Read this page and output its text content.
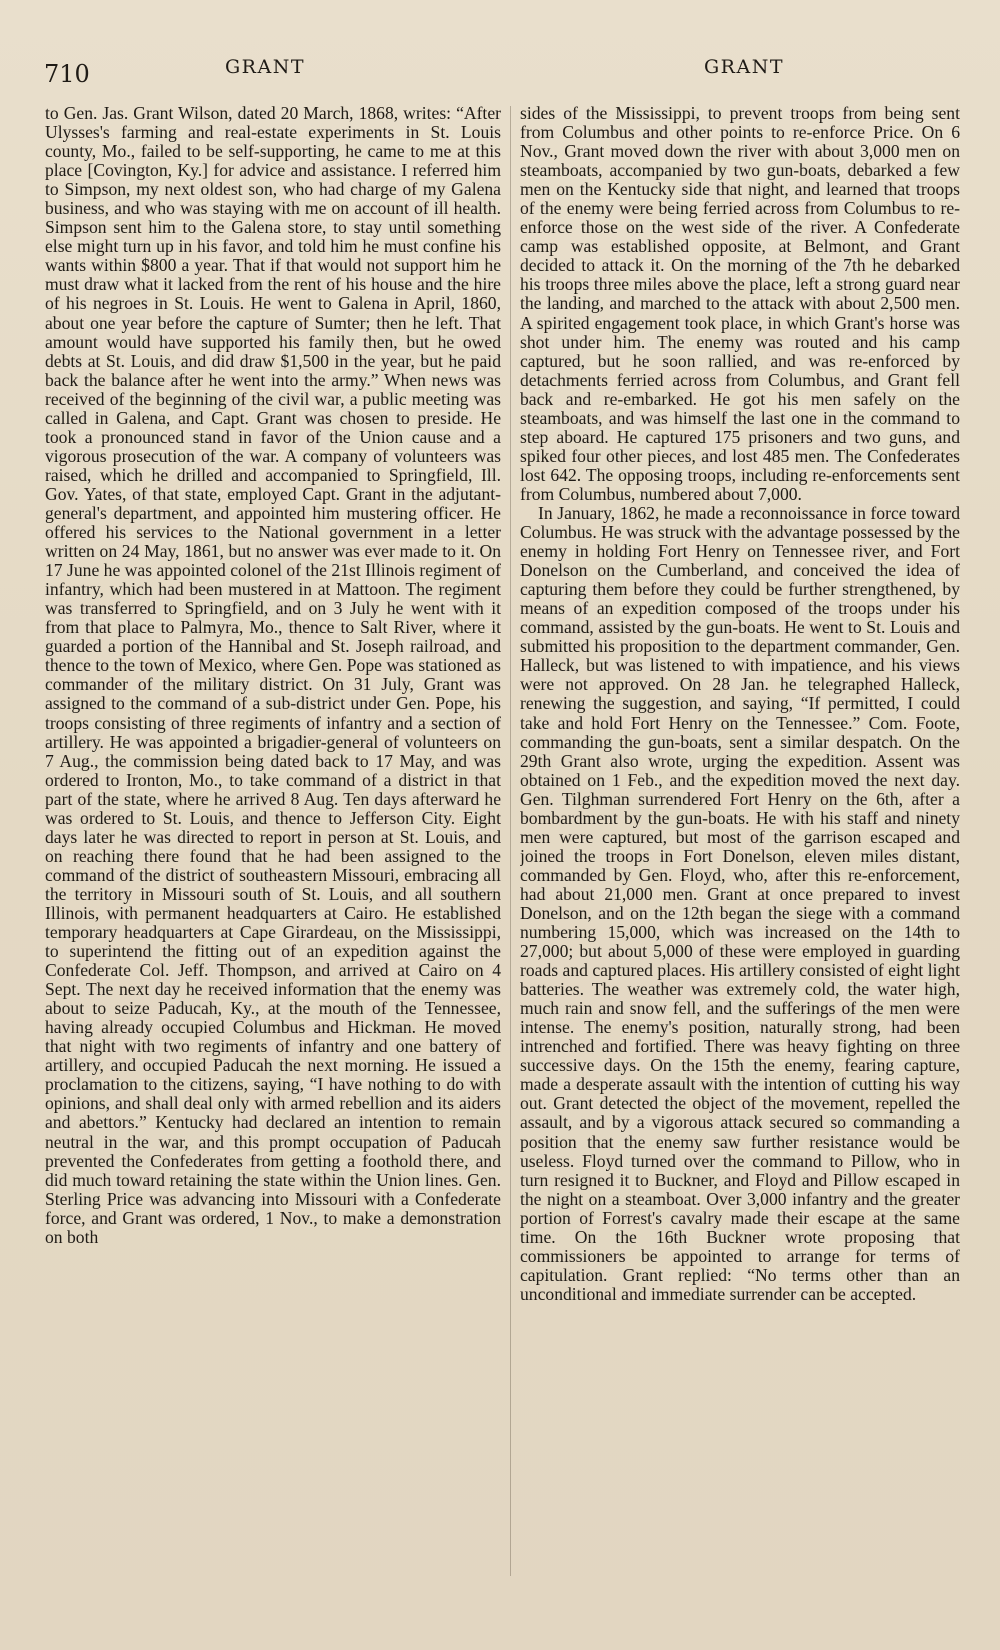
710	GRANT	GRANT

to Gen. Jas. Grant Wilson, dated 20 March, 1868, writes: “After Ulysses's farming and real-estate experiments in St. Louis county, Mo., failed to be self-supporting, he came to me at this place [Covington, Ky.] for advice and assistance. I referred him to Simpson, my next oldest son, who had charge of my Galena business, and who was staying with me on account of ill health. Simpson sent him to the Galena store, to stay until something else might turn up in his favor, and told him he must confine his wants within $800 a year. That if that would not support him he must draw what it lacked from the rent of his house and the hire of his negroes in St. Louis. He went to Galena in April, 1860, about one year before the capture of Sumter; then he left. That amount would have supported his family then, but he owed debts at St. Louis, and did draw $1,500 in the year, but he paid back the balance after he went into the army.” When news was received of the beginning of the civil war, a public meeting was called in Galena, and Capt. Grant was chosen to preside. He took a pronounced stand in favor of the Union cause and a vigorous prosecution of the war. A company of volunteers was raised, which he drilled and accompanied to Springfield, Ill. Gov. Yates, of that state, employed Capt. Grant in the adjutant-general's department, and appointed him mustering officer. He offered his services to the National government in a letter written on 24 May, 1861, but no answer was ever made to it. On 17 June he was appointed colonel of the 21st Illinois regiment of infantry, which had been mustered in at Mattoon. The regiment was transferred to Springfield, and on 3 July he went with it from that place to Palmyra, Mo., thence to Salt River, where it guarded a portion of the Hannibal and St. Joseph railroad, and thence to the town of Mexico, where Gen. Pope was stationed as commander of the military district. On 31 July, Grant was assigned to the command of a sub-district under Gen. Pope, his troops consisting of three regiments of infantry and a section of artillery. He was appointed a brigadier-general of volunteers on 7 Aug., the commission being dated back to 17 May, and was ordered to Ironton, Mo., to take command of a district in that part of the state, where he arrived 8 Aug. Ten days afterward he was ordered to St. Louis, and thence to Jefferson City. Eight days later he was directed to report in person at St. Louis, and on reaching there found that he had been assigned to the command of the district of southeastern Missouri, embracing all the territory in Missouri south of St. Louis, and all southern Illinois, with permanent headquarters at Cairo. He established temporary headquarters at Cape Girardeau, on the Mississippi, to superintend the fitting out of an expedition against the Confederate Col. Jeff. Thompson, and arrived at Cairo on 4 Sept. The next day he received information that the enemy was about to seize Paducah, Ky., at the mouth of the Tennessee, having already occupied Columbus and Hickman. He moved that night with two regiments of infantry and one battery of artillery, and occupied Paducah the next morning. He issued a proclamation to the citizens, saying, “I have nothing to do with opinions, and shall deal only with armed rebellion and its aiders and abettors.” Kentucky had declared an intention to remain neutral in the war, and this prompt occupation of Paducah prevented the Confederates from getting a foothold there, and did much toward retaining the state within the Union lines. Gen. Sterling Price was advancing into Missouri with a Confederate force, and Grant was ordered, 1 Nov., to make a demonstration on both

sides of the Mississippi, to prevent troops from being sent from Columbus and other points to re-enforce Price. On 6 Nov., Grant moved down the river with about 3,000 men on steamboats, accompanied by two gun-boats, debarked a few men on the Kentucky side that night, and learned that troops of the enemy were being ferried across from Columbus to re-enforce those on the west side of the river. A Confederate camp was established opposite, at Belmont, and Grant decided to attack it. On the morning of the 7th he debarked his troops three miles above the place, left a strong guard near the landing, and marched to the attack with about 2,500 men. A spirited engagement took place, in which Grant's horse was shot under him. The enemy was routed and his camp captured, but he soon rallied, and was re-enforced by detachments ferried across from Columbus, and Grant fell back and re-embarked. He got his men safely on the steamboats, and was himself the last one in the command to step aboard. He captured 175 prisoners and two guns, and spiked four other pieces, and lost 485 men. The Confederates lost 642. The opposing troops, including re-enforcements sent from Columbus, numbered about 7,000.

In January, 1862, he made a reconnoissance in force toward Columbus. He was struck with the advantage possessed by the enemy in holding Fort Henry on Tennessee river, and Fort Donelson on the Cumberland, and conceived the idea of capturing them before they could be further strengthened, by means of an expedition composed of the troops under his command, assisted by the gun-boats. He went to St. Louis and submitted his proposition to the department commander, Gen. Halleck, but was listened to with impatience, and his views were not approved. On 28 Jan. he telegraphed Halleck, renewing the suggestion, and saying, “If permitted, I could take and hold Fort Henry on the Tennessee.” Com. Foote, commanding the gun-boats, sent a similar despatch. On the 29th Grant also wrote, urging the expedition. Assent was obtained on 1 Feb., and the expedition moved the next day. Gen. Tilghman surrendered Fort Henry on the 6th, after a bombardment by the gun-boats. He with his staff and ninety men were captured, but most of the garrison escaped and joined the troops in Fort Donelson, eleven miles distant, commanded by Gen. Floyd, who, after this re-enforcement, had about 21,000 men. Grant at once prepared to invest Donelson, and on the 12th began the siege with a command numbering 15,000, which was increased on the 14th to 27,000; but about 5,000 of these were employed in guarding roads and captured places. His artillery consisted of eight light batteries. The weather was extremely cold, the water high, much rain and snow fell, and the sufferings of the men were intense. The enemy's position, naturally strong, had been intrenched and fortified. There was heavy fighting on three successive days. On the 15th the enemy, fearing capture, made a desperate assault with the intention of cutting his way out. Grant detected the object of the movement, repelled the assault, and by a vigorous attack secured so commanding a position that the enemy saw further resistance would be useless. Floyd turned over the command to Pillow, who in turn resigned it to Buckner, and Floyd and Pillow escaped in the night on a steamboat. Over 3,000 infantry and the greater portion of Forrest's cavalry made their escape at the same time. On the 16th Buckner wrote proposing that commissioners be appointed to arrange for terms of capitulation. Grant replied: “No terms other than an unconditional and immediate surrender can be accepted.
